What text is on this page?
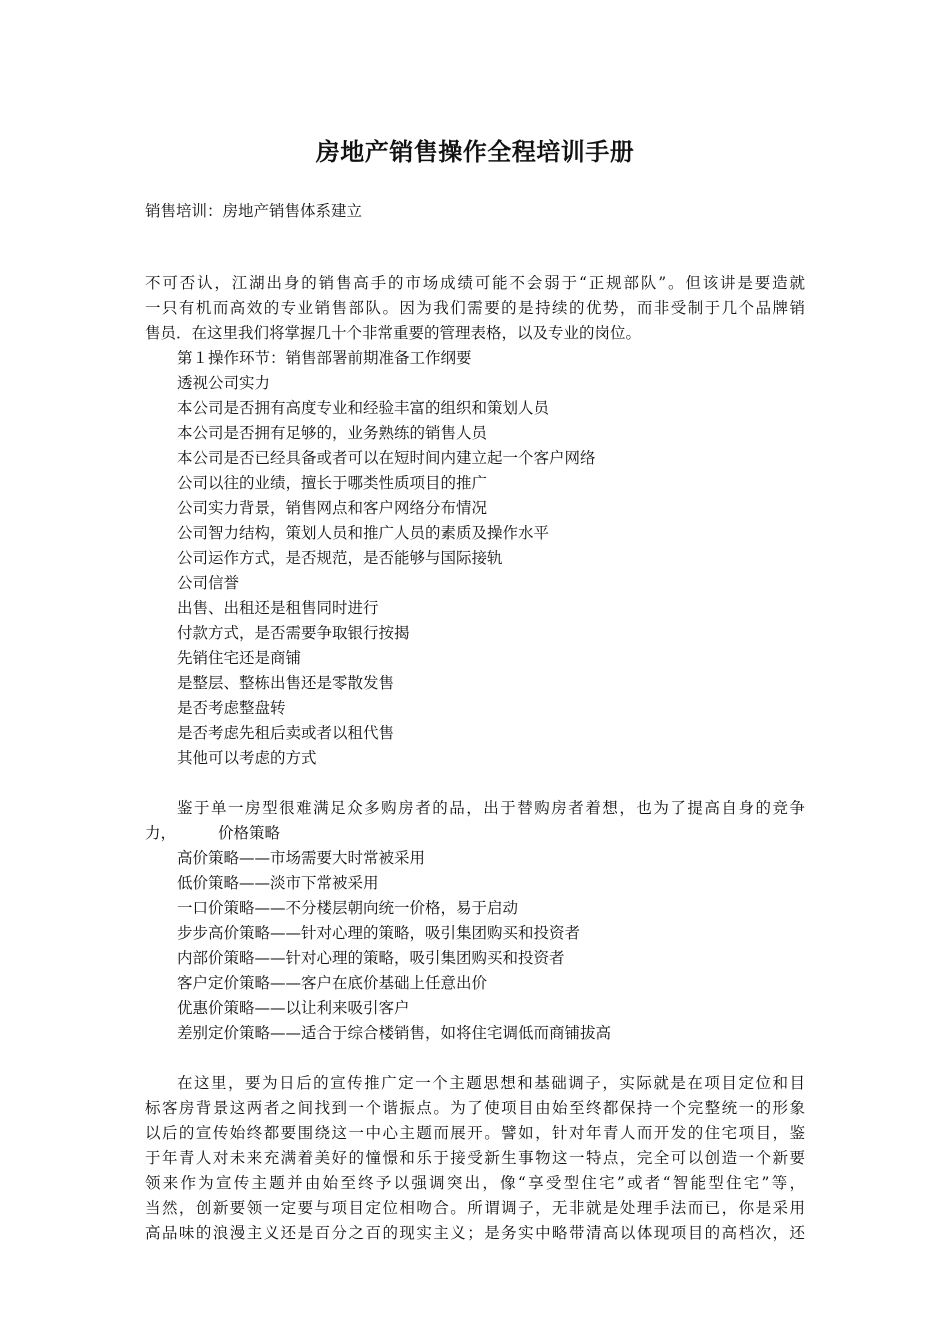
房地产销售操作全程培训手册
销售培训：房地产销售体系建立
不可否认，江湖出身的销售高手的市场成绩可能不会弱于“正规部队”。但该讲是要造就
一只有机而高效的专业销售部队。因为我们需要的是持续的优势，而非受制于几个品牌销
售员．在这里我们将掌握几十个非常重要的管理表格，以及专业的岗位。
第１操作环节：销售部署前期准备工作纲要
透视公司实力
本公司是否拥有高度专业和经验丰富的组织和策划人员
本公司是否拥有足够的，业务熟练的销售人员
本公司是否已经具备或者可以在短时间内建立起一个客户网络
公司以往的业绩，擅长于哪类性质项目的推广
公司实力背景，销售网点和客户网络分布情况
公司智力结构，策划人员和推广人员的素质及操作水平
公司运作方式，是否规范，是否能够与国际接轨
公司信誉
出售、出租还是租售同时进行
付款方式，是否需要争取银行按揭
先销住宅还是商铺
是整层、整栋出售还是零散发售
是否考虑整盘转
是否考虑先租后卖或者以租代售
其他可以考虑的方式
鉴于单一房型很难满足众多购房者的品，出于替购房者着想，也为了提高自身的竞争
力，	价格策略
高价策略——市场需要大时常被采用
低价策略——淡市下常被采用
一口价策略——不分楼层朝向统一价格，易于启动
步步高价策略——针对心理的策略，吸引集团购买和投资者
内部价策略——针对心理的策略，吸引集团购买和投资者
客户定价策略——客户在底价基础上任意出价
优惠价策略——以让利来吸引客户
差别定价策略——适合于综合楼销售，如将住宅调低而商铺拔高
在这里，要为日后的宣传推广定一个主题思想和基础调子，实际就是在项目定位和目
标客房背景这两者之间找到一个谐振点。为了使项目由始至终都保持一个完整统一的形象
以后的宣传始终都要围绕这一中心主题而展开。譬如，针对年青人而开发的住宅项目，鉴
于年青人对未来充满着美好的憧憬和乐于接受新生事物这一特点，完全可以创造一个新要
领来作为宣传主题并由始至终予以强调突出，像“享受型住宅”或者“智能型住宅”等，
当然，创新要领一定要与项目定位相吻合。所谓调子，无非就是处理手法而已，你是采用
高品味的浪漫主义还是百分之百的现实主义；是务实中略带清高以体现项目的高档次，还
